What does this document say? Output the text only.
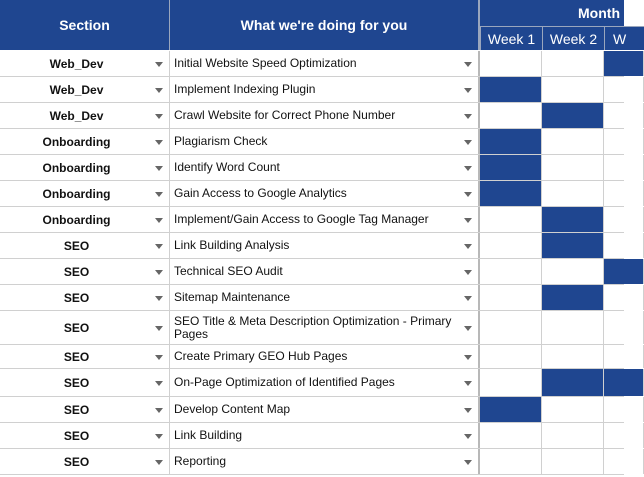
Section	What we're doing for you
Month
Week 1	Week 2	W
Web_Dev	Initial Website Speed Optimization
Web_Dev	Implement Indexing Plugin
Web_Dev	Crawl Website for Correct Phone Number
Onboarding	Plagiarism Check
Onboarding	Identify Word Count
Onboarding	Gain Access to Google Analytics
Onboarding	Implement/Gain Access to Google Tag Manager
SEO	Link Building Analysis
SEO	Technical SEO Audit
SEO	Sitemap Maintenance
SEO	SEO Title & Meta Description Optimization - Primary Pages
SEO	Create Primary GEO Hub Pages
SEO	On-Page Optimization of Identified Pages
SEO	Develop Content Map
SEO	Link Building
SEO	Reporting
